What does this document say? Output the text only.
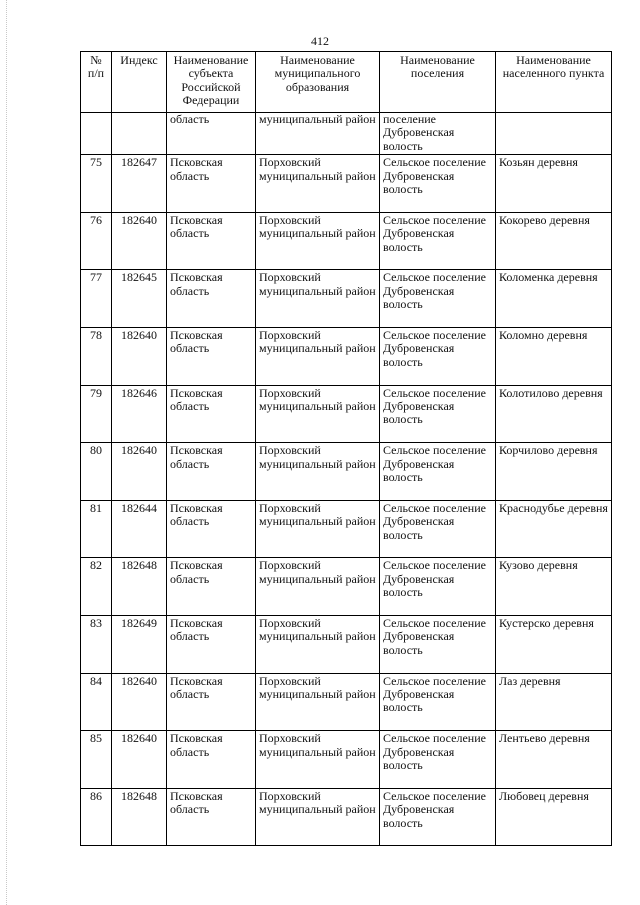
412
№ п/п	Индекс	Наименование субъекта Российской Федерации	Наименование муниципального образования	Наименование поселения	Наименование населенного пункта
		область	муниципальный район	поселение Дубровенская волость	
75	182647	Псковская область	Порховский муниципальный район	Сельское поселение Дубровенская волость	Козьян деревня
76	182640	Псковская область	Порховский муниципальный район	Сельское поселение Дубровенская волость	Кокорево деревня
77	182645	Псковская область	Порховский муниципальный район	Сельское поселение Дубровенская волость	Коломенка деревня
78	182640	Псковская область	Порховский муниципальный район	Сельское поселение Дубровенская волость	Коломно деревня
79	182646	Псковская область	Порховский муниципальный район	Сельское поселение Дубровенская волость	Колотилово деревня
80	182640	Псковская область	Порховский муниципальный район	Сельское поселение Дубровенская волость	Корчилово деревня
81	182644	Псковская область	Порховский муниципальный район	Сельское поселение Дубровенская волость	Краснодубье деревня
82	182648	Псковская область	Порховский муниципальный район	Сельское поселение Дубровенская волость	Кузово деревня
83	182649	Псковская область	Порховский муниципальный район	Сельское поселение Дубровенская волость	Кустерско деревня
84	182640	Псковская область	Порховский муниципальный район	Сельское поселение Дубровенская волость	Лаз деревня
85	182640	Псковская область	Порховский муниципальный район	Сельское поселение Дубровенская волость	Лентьево деревня
86	182648	Псковская область	Порховский муниципальный район	Сельское поселение Дубровенская волость	Любовец деревня
